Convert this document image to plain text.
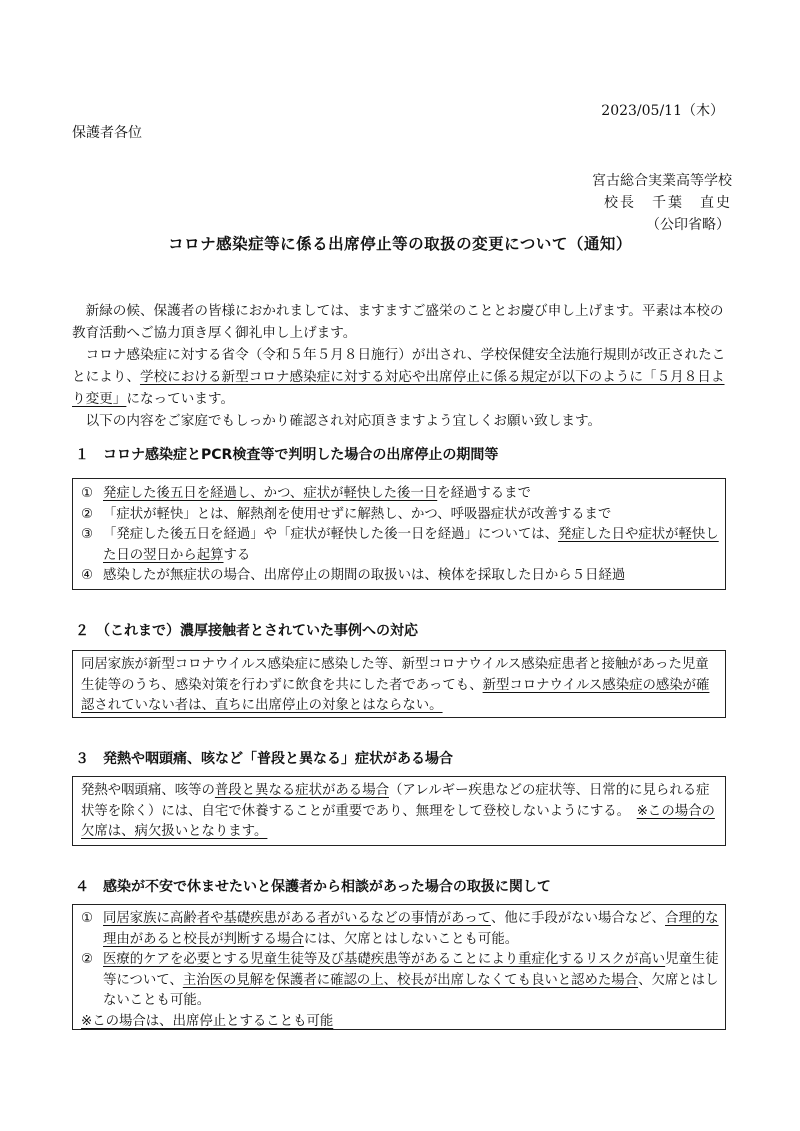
2023/05/11（木）
保護者各位
宮古総合実業高等学校
校長　千葉　直史
（公印省略）
コロナ感染症等に係る出席停止等の取扱の変更について（通知）

新緑の候、保護者の皆様におかれましては、ますますご盛栄のこととお慶び申し上げます。平素は本校の教育活動へご協力頂き厚く御礼申し上げます。

コロナ感染症に対する省令（令和５年５月８日施行）が出され、学校保健安全法施行規則が改正されたことにより、学校における新型コロナ感染症に対する対応や出席停止に係る規定が以下のように「５月８日より変更」になっています。

以下の内容をご家庭でもしっかり確認され対応頂きますよう宜しくお願い致します。

１　コロナ感染症とPCR検査等で判明した場合の出席停止の期間等
① 発症した後五日を経過し、かつ、症状が軽快した後一日を経過するまで
② 「症状が軽快」とは、解熱剤を使用せずに解熱し、かつ、呼吸器症状が改善するまで
③ 「発症した後五日を経過」や「症状が軽快した後一日を経過」については、発症した日や症状が軽快した日の翌日から起算する
④ 感染したが無症状の場合、出席停止の期間の取扱いは、検体を採取した日から５日経過
２　（これまで）濃厚接触者とされていた事例への対応
同居家族が新型コロナウイルス感染症に感染した等、新型コロナウイルス感染症患者と接触があった児童生徒等のうち、感染対策を行わずに飲食を共にした者であっても、新型コロナウイルス感染症の感染が確認されていない者は、直ちに出席停止の対象とはならない。
３　発熱や咽頭痛、咳など「普段と異なる」症状がある場合
発熱や咽頭痛、咳等の普段と異なる症状がある場合（アレルギー疾患などの症状等、日常的に見られる症状等を除く）には、自宅で休養することが重要であり、無理をして登校しないようにする。　※この場合の欠席は、病欠扱いとなります。
４　感染が不安で休ませたいと保護者から相談があった場合の取扱に関して
① 同居家族に高齢者や基礎疾患がある者がいるなどの事情があって、他に手段がない場合など、合理的な理由があると校長が判断する場合には、欠席とはしないことも可能。
② 医療的ケアを必要とする児童生徒等及び基礎疾患等があることにより重症化するリスクが高い児童生徒等について、主治医の見解を保護者に確認の上、校長が出席しなくても良いと認めた場合、欠席とはしないことも可能。
※この場合は、出席停止とすることも可能
